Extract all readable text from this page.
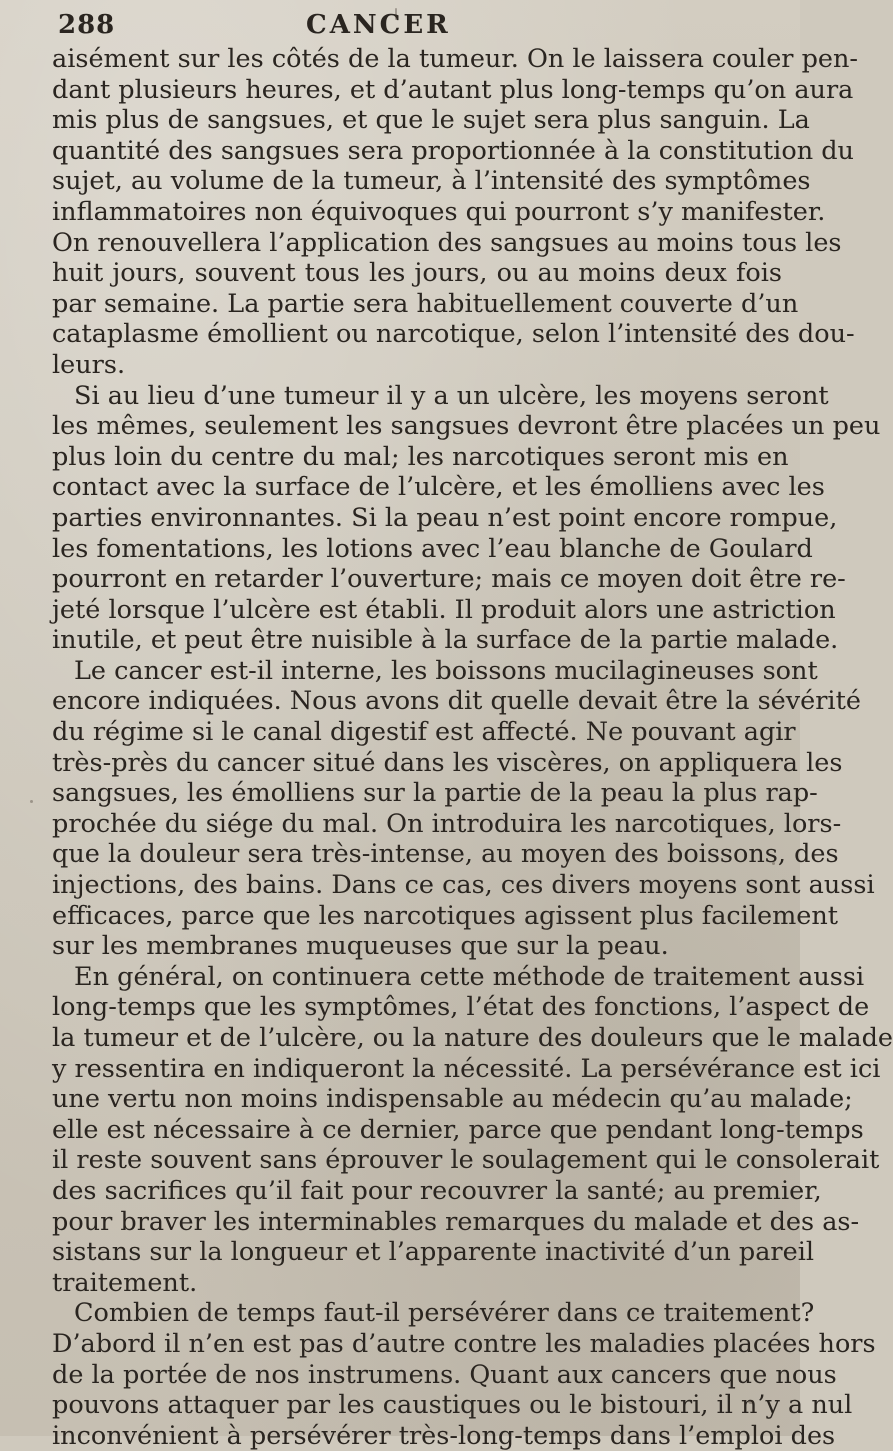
288	CANCER
aisément sur les côtés de la tumeur. On le laissera couler pen-
dant plusieurs heures, et d’autant plus long-temps qu’on aura
mis plus de sangsues, et que le sujet sera plus sanguin. La
quantité des sangsues sera proportionnée à la constitution du
sujet, au volume de la tumeur, à l’intensité des symptômes
inflammatoires non équivoques qui pourront s’y manifester.
On renouvellera l’application des sangsues au moins tous les
huit jours, souvent tous les jours, ou au moins deux fois
par semaine. La partie sera habituellement couverte d’un
cataplasme émollient ou narcotique, selon l’intensité des dou-
leurs.
Si au lieu d’une tumeur il y a un ulcère, les moyens seront
les mêmes, seulement les sangsues devront être placées un peu
plus loin du centre du mal; les narcotiques seront mis en
contact avec la surface de l’ulcère, et les émolliens avec les
parties environnantes. Si la peau n’est point encore rompue,
les fomentations, les lotions avec l’eau blanche de Goulard
pourront en retarder l’ouverture; mais ce moyen doit être re-
jeté lorsque l’ulcère est établi. Il produit alors une astriction
inutile, et peut être nuisible à la surface de la partie malade.
Le cancer est-il interne, les boissons mucilagineuses sont
encore indiquées. Nous avons dit quelle devait être la sévérité
du régime si le canal digestif est affecté. Ne pouvant agir
très-près du cancer situé dans les viscères, on appliquera les
sangsues, les émolliens sur la partie de la peau la plus rap-
prochée du siége du mal. On introduira les narcotiques, lors-
que la douleur sera très-intense, au moyen des boissons, des
injections, des bains. Dans ce cas, ces divers moyens sont aussi
efficaces, parce que les narcotiques agissent plus facilement
sur les membranes muqueuses que sur la peau.
En général, on continuera cette méthode de traitement aussi
long-temps que les symptômes, l’état des fonctions, l’aspect de
la tumeur et de l’ulcère, ou la nature des douleurs que le malade
y ressentira en indiqueront la nécessité. La persévérance est ici
une vertu non moins indispensable au médecin qu’au malade;
elle est nécessaire à ce dernier, parce que pendant long-temps
il reste souvent sans éprouver le soulagement qui le consolerait
des sacrifices qu’il fait pour recouvrer la santé; au premier,
pour braver les interminables remarques du malade et des as-
sistans sur la longueur et l’apparente inactivité d’un pareil
traitement.
Combien de temps faut-il persévérer dans ce traitement?
D’abord il n’en est pas d’autre contre les maladies placées hors
de la portée de nos instrumens. Quant aux cancers que nous
pouvons attaquer par les caustiques ou le bistouri, il n’y a nul
inconvénient à persévérer très-long-temps dans l’emploi des
